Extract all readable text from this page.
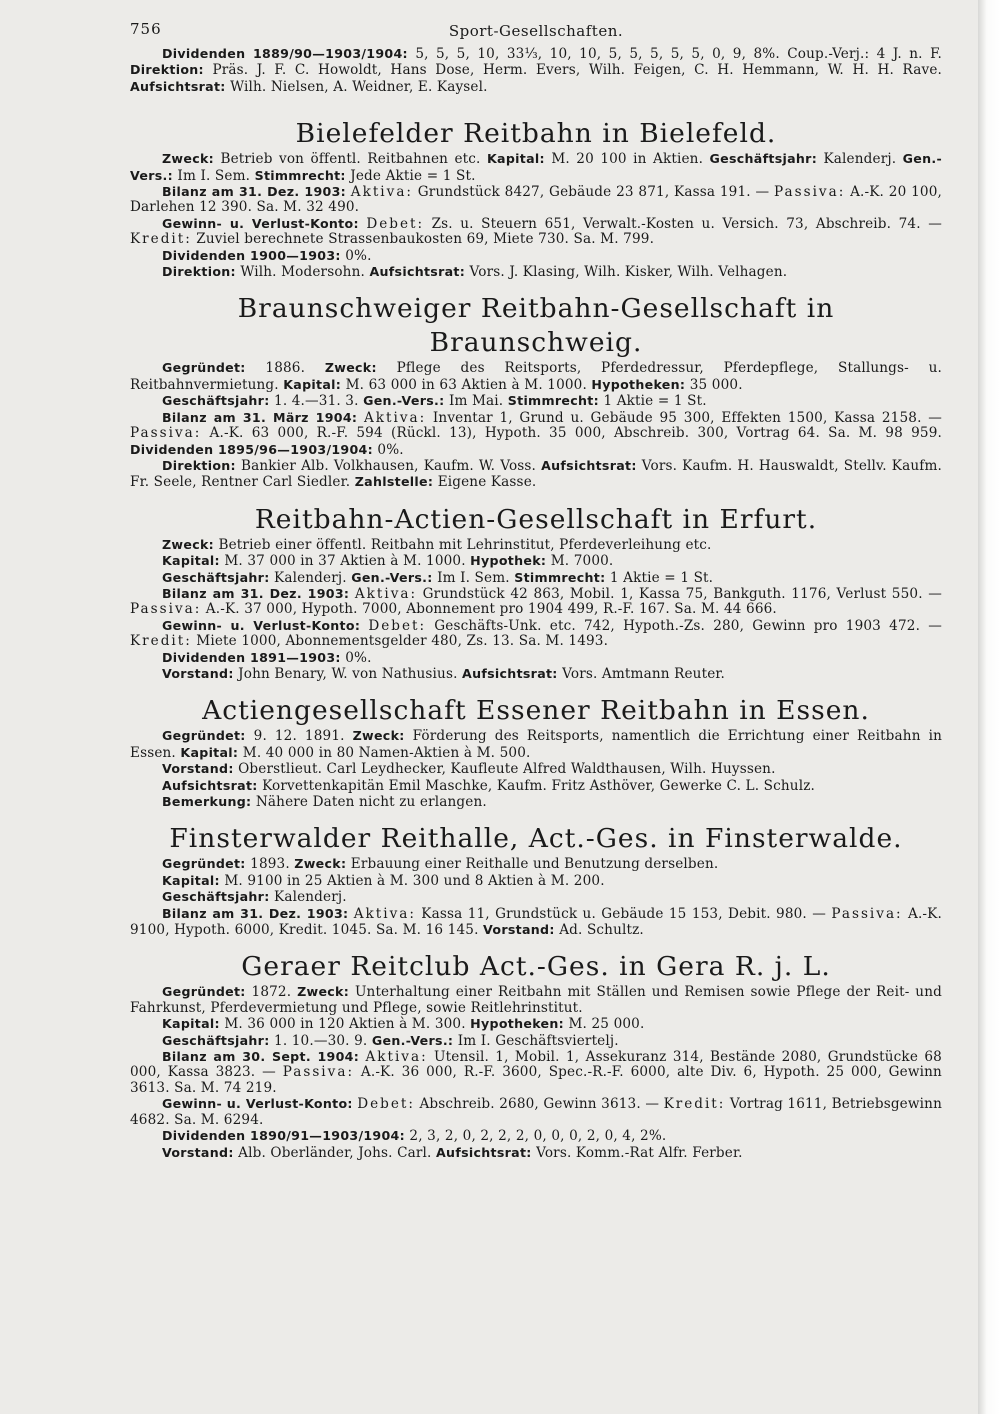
756	Sport-Gesellschaften.

Dividenden 1889/90—1903/1904: 5, 5, 5, 10, 33⅓, 10, 10, 5, 5, 5, 5, 5, 0, 9, 8%. Coup.-Verj.: 4 J. n. F. Direktion: Präs. J. F. C. Howoldt, Hans Dose, Herm. Evers, Wilh. Feigen, C. H. Hemmann, W. H. H. Rave. Aufsichtsrat: Wilh. Nielsen, A. Weidner, E. Kaysel.

Bielefelder Reitbahn in Bielefeld.

Zweck: Betrieb von öffentl. Reitbahnen etc. Kapital: M. 20 100 in Aktien. Geschäftsjahr: Kalenderj. Gen.-Vers.: Im I. Sem. Stimmrecht: Jede Aktie = 1 St.

Bilanz am 31. Dez. 1903: Aktiva: Grundstück 8427, Gebäude 23 871, Kassa 191. — Passiva: A.-K. 20 100, Darlehen 12 390. Sa. M. 32 490.

Gewinn- u. Verlust-Konto: Debet: Zs. u. Steuern 651, Verwalt.-Kosten u. Versich. 73, Abschreib. 74. — Kredit: Zuviel berechnete Strassenbaukosten 69, Miete 730. Sa. M. 799.

Dividenden 1900—1903: 0%.

Direktion: Wilh. Modersohn. Aufsichtsrat: Vors. J. Klasing, Wilh. Kisker, Wilh. Velhagen.

Braunschweiger Reitbahn-Gesellschaft in Braunschweig.

Gegründet: 1886. Zweck: Pflege des Reitsports, Pferdedressur, Pferdepflege, Stallungs- u. Reitbahnvermietung. Kapital: M. 63 000 in 63 Aktien à M. 1000. Hypotheken: 35 000.

Geschäftsjahr: 1. 4.—31. 3. Gen.-Vers.: Im Mai. Stimmrecht: 1 Aktie = 1 St.

Bilanz am 31. März 1904: Aktiva: Inventar 1, Grund u. Gebäude 95 300, Effekten 1500, Kassa 2158. — Passiva: A.-K. 63 000, R.-F. 594 (Rückl. 13), Hypoth. 35 000, Abschreib. 300, Vortrag 64. Sa. M. 98 959. Dividenden 1895/96—1903/1904: 0%.

Direktion: Bankier Alb. Volkhausen, Kaufm. W. Voss. Aufsichtsrat: Vors. Kaufm. H. Hauswaldt, Stellv. Kaufm. Fr. Seele, Rentner Carl Siedler. Zahlstelle: Eigene Kasse.

Reitbahn-Actien-Gesellschaft in Erfurt.

Zweck: Betrieb einer öffentl. Reitbahn mit Lehrinstitut, Pferdeverleihung etc.

Kapital: M. 37 000 in 37 Aktien à M. 1000. Hypothek: M. 7000.

Geschäftsjahr: Kalenderj. Gen.-Vers.: Im I. Sem. Stimmrecht: 1 Aktie = 1 St.

Bilanz am 31. Dez. 1903: Aktiva: Grundstück 42 863, Mobil. 1, Kassa 75, Bankguth. 1176, Verlust 550. — Passiva: A.-K. 37 000, Hypoth. 7000, Abonnement pro 1904 499, R.-F. 167. Sa. M. 44 666.

Gewinn- u. Verlust-Konto: Debet: Geschäfts-Unk. etc. 742, Hypoth.-Zs. 280, Gewinn pro 1903 472. — Kredit: Miete 1000, Abonnementsgelder 480, Zs. 13. Sa. M. 1493.

Dividenden 1891—1903: 0%.

Vorstand: John Benary, W. von Nathusius. Aufsichtsrat: Vors. Amtmann Reuter.

Actiengesellschaft Essener Reitbahn in Essen.

Gegründet: 9. 12. 1891. Zweck: Förderung des Reitsports, namentlich die Errichtung einer Reitbahn in Essen. Kapital: M. 40 000 in 80 Namen-Aktien à M. 500.

Vorstand: Oberstlieut. Carl Leydhecker, Kaufleute Alfred Waldthausen, Wilh. Huyssen.

Aufsichtsrat: Korvettenkapitän Emil Maschke, Kaufm. Fritz Asthöver, Gewerke C. L. Schulz.

Bemerkung: Nähere Daten nicht zu erlangen.

Finsterwalder Reithalle, Act.-Ges. in Finsterwalde.

Gegründet: 1893. Zweck: Erbauung einer Reithalle und Benutzung derselben.

Kapital: M. 9100 in 25 Aktien à M. 300 und 8 Aktien à M. 200.

Geschäftsjahr: Kalenderj.

Bilanz am 31. Dez. 1903: Aktiva: Kassa 11, Grundstück u. Gebäude 15 153, Debit. 980. — Passiva: A.-K. 9100, Hypoth. 6000, Kredit. 1045. Sa. M. 16 145. Vorstand: Ad. Schultz.

Geraer Reitclub Act.-Ges. in Gera R. j. L.

Gegründet: 1872. Zweck: Unterhaltung einer Reitbahn mit Ställen und Remisen sowie Pflege der Reit- und Fahrkunst, Pferdevermietung und Pflege, sowie Reitlehrinstitut.

Kapital: M. 36 000 in 120 Aktien à M. 300. Hypotheken: M. 25 000.

Geschäftsjahr: 1. 10.—30. 9. Gen.-Vers.: Im I. Geschäftsviertelj.

Bilanz am 30. Sept. 1904: Aktiva: Utensil. 1, Mobil. 1, Assekuranz 314, Bestände 2080, Grundstücke 68 000, Kassa 3823. — Passiva: A.-K. 36 000, R.-F. 3600, Spec.-R.-F. 6000, alte Div. 6, Hypoth. 25 000, Gewinn 3613. Sa. M. 74 219.

Gewinn- u. Verlust-Konto: Debet: Abschreib. 2680, Gewinn 3613. — Kredit: Vortrag 1611, Betriebsgewinn 4682. Sa. M. 6294.

Dividenden 1890/91—1903/1904: 2, 3, 2, 0, 2, 2, 2, 0, 0, 0, 2, 0, 4, 2%.

Vorstand: Alb. Oberländer, Johs. Carl. Aufsichtsrat: Vors. Komm.-Rat Alfr. Ferber.
